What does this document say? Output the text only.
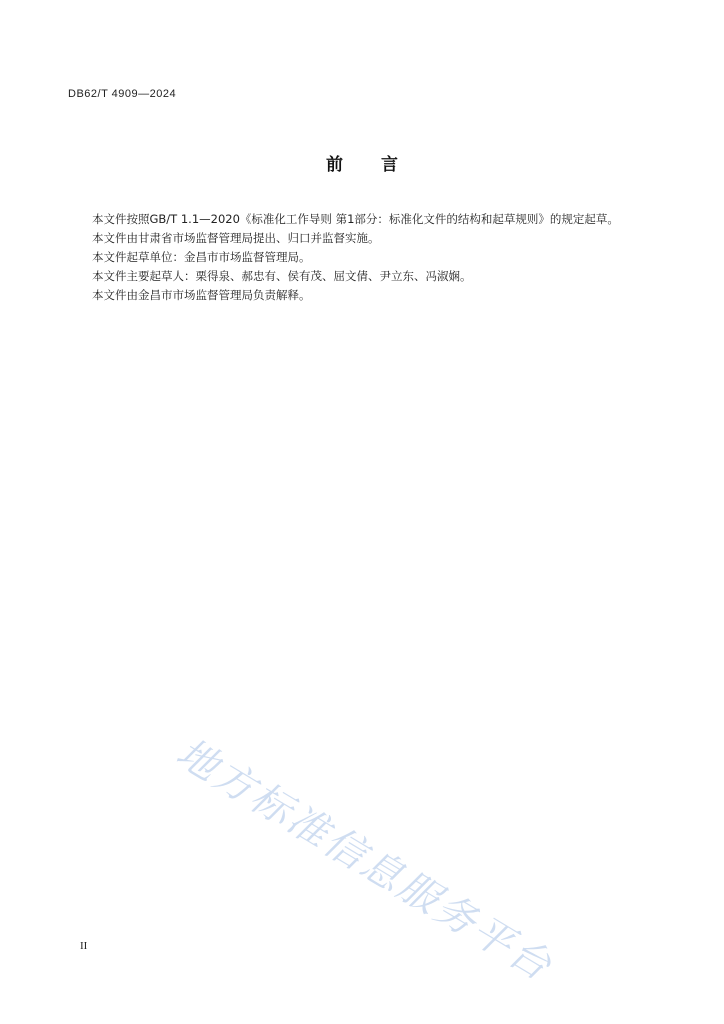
DB62/T 4909—2024
前言

本文件按照GB/T 1.1—2020《标准化工作导则 第1部分：标准化文件的结构和起草规则》的规定起草。

本文件由甘肃省市场监督管理局提出、归口并监督实施。

本文件起草单位：金昌市市场监督管理局。

本文件主要起草人：栗得泉、郝忠有、侯有茂、屈文倩、尹立东、冯淑娴。

本文件由金昌市市场监督管理局负责解释。

地方标准信息服务平台
II
